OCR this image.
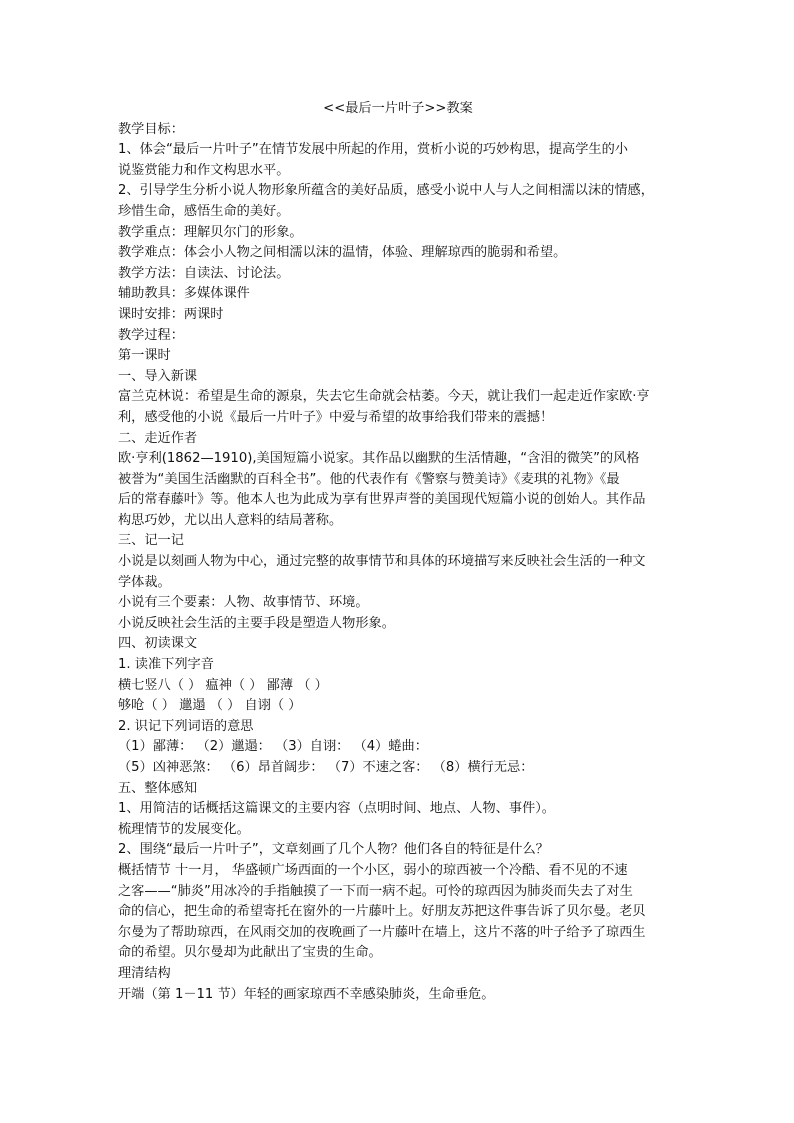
<<最后一片叶子>>教案
教学目标：
1、体会“最后一片叶子”在情节发展中所起的作用，赏析小说的巧妙构思，提高学生的小
说鉴赏能力和作文构思水平。
2、引导学生分析小说人物形象所蕴含的美好品质，感受小说中人与人之间相濡以沫的情感，
珍惜生命，感悟生命的美好。
教学重点：理解贝尔门的形象。
教学难点：体会小人物之间相濡以沫的温情，体验、理解琼西的脆弱和希望。
教学方法：自读法、讨论法。
辅助教具：多媒体课件
课时安排：两课时
教学过程：
第一课时
一、导入新课
富兰克林说：希望是生命的源泉，失去它生命就会枯萎。今天，就让我们一起走近作家欧·亨
利，感受他的小说《最后一片叶子》中爱与希望的故事给我们带来的震撼！
二、走近作者
欧·亨利(1862—1910),美国短篇小说家。其作品以幽默的生活情趣，“含泪的微笑”的风格
被誉为“美国生活幽默的百科全书”。他的代表作有《警察与赞美诗》《麦琪的礼物》《最
后的常春藤叶》等。他本人也为此成为享有世界声誉的美国现代短篇小说的创始人。其作品
构思巧妙，尤以出人意料的结局著称。
三、记一记
小说是以刻画人物为中心，通过完整的故事情节和具体的环境描写来反映社会生活的一种文
学体裁。
小说有三个要素：人物、故事情节、环境。
小说反映社会生活的主要手段是塑造人物形象。
四、初读课文
1. 读准下列字音
横七竖八（ ） 瘟神（ ） 鄙薄 （ ）
够呛（ ） 邋遢 （ ） 自诩（ ）
2. 识记下列词语的意思
（1）鄙薄： （2）邋遢： （3）自诩： （4）蜷曲：
（5）凶神恶煞： （6）昂首阔步： （7）不速之客： （8）横行无忌：
五、整体感知
1、用简洁的话概括这篇课文的主要内容（点明时间、地点、人物、事件）。
梳理情节的发展变化。
2、围绕“最后一片叶子”，文章刻画了几个人物？他们各自的特征是什么？
概括情节 十一月， 华盛顿广场西面的一个小区，弱小的琼西被一个冷酷、看不见的不速
之客——“肺炎”用冰冷的手指触摸了一下而一病不起。可怜的琼西因为肺炎而失去了对生
命的信心，把生命的希望寄托在窗外的一片藤叶上。好朋友苏把这件事告诉了贝尔曼。老贝
尔曼为了帮助琼西，在风雨交加的夜晚画了一片藤叶在墙上，这片不落的叶子给予了琼西生
命的希望。贝尔曼却为此献出了宝贵的生命。
理清结构
开端（第 1－11 节）年轻的画家琼西不幸感染肺炎，生命垂危。
